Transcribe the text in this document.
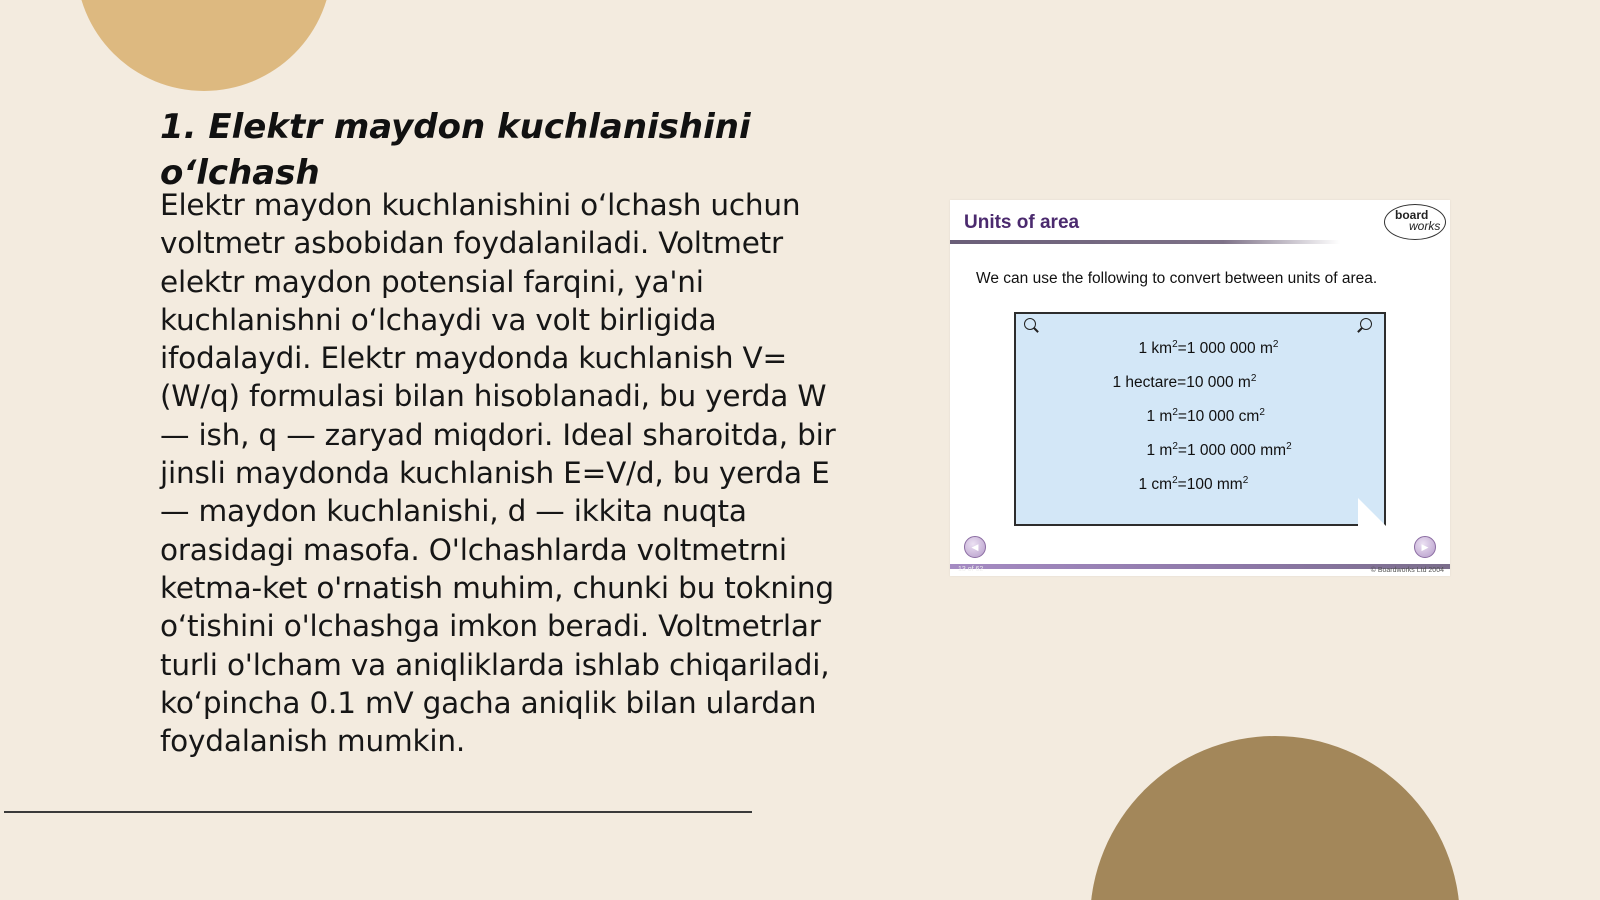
1. Elektr maydon kuchlanishini
o‘lchash
Elektr maydon kuchlanishini o‘lchash uchun voltmetr asbobidan foydalaniladi. Voltmetr elektr maydon potensial farqini, ya'ni kuchlanishni o‘lchaydi va volt birligida ifodalaydi. Elektr maydonda kuchlanish V=(W/q) formulasi bilan hisoblanadi, bu yerda W — ish, q — zaryad miqdori. Ideal sharoitda, bir jinsli maydonda kuchlanish E=V/d, bu yerda E — maydon kuchlanishi, d — ikkita nuqta orasidagi masofa. O'lchashlarda voltmetrni ketma-ket o'rnatish muhim, chunki bu tokning o‘tishini o'lchashga imkon beradi. Voltmetrlar turli o'lcham va aniqliklarda ishlab chiqariladi, ko‘pincha 0.1 mV gacha aniqlik bilan ulardan foydalanish mumkin.
Units of area	board
works
We can use the following to convert between units of area.
1 $km^2=1$ 000 000 $m^2$
1 hectare=10 000 $m^2$
1 $m^2=10$ 000 $cm^2$
1 $m^2=1$ 000 000 $mm^2$
1 $cm^2=100$ $mm^2$
◀	▶
13 of 62	© Boardworks Ltd 2004
